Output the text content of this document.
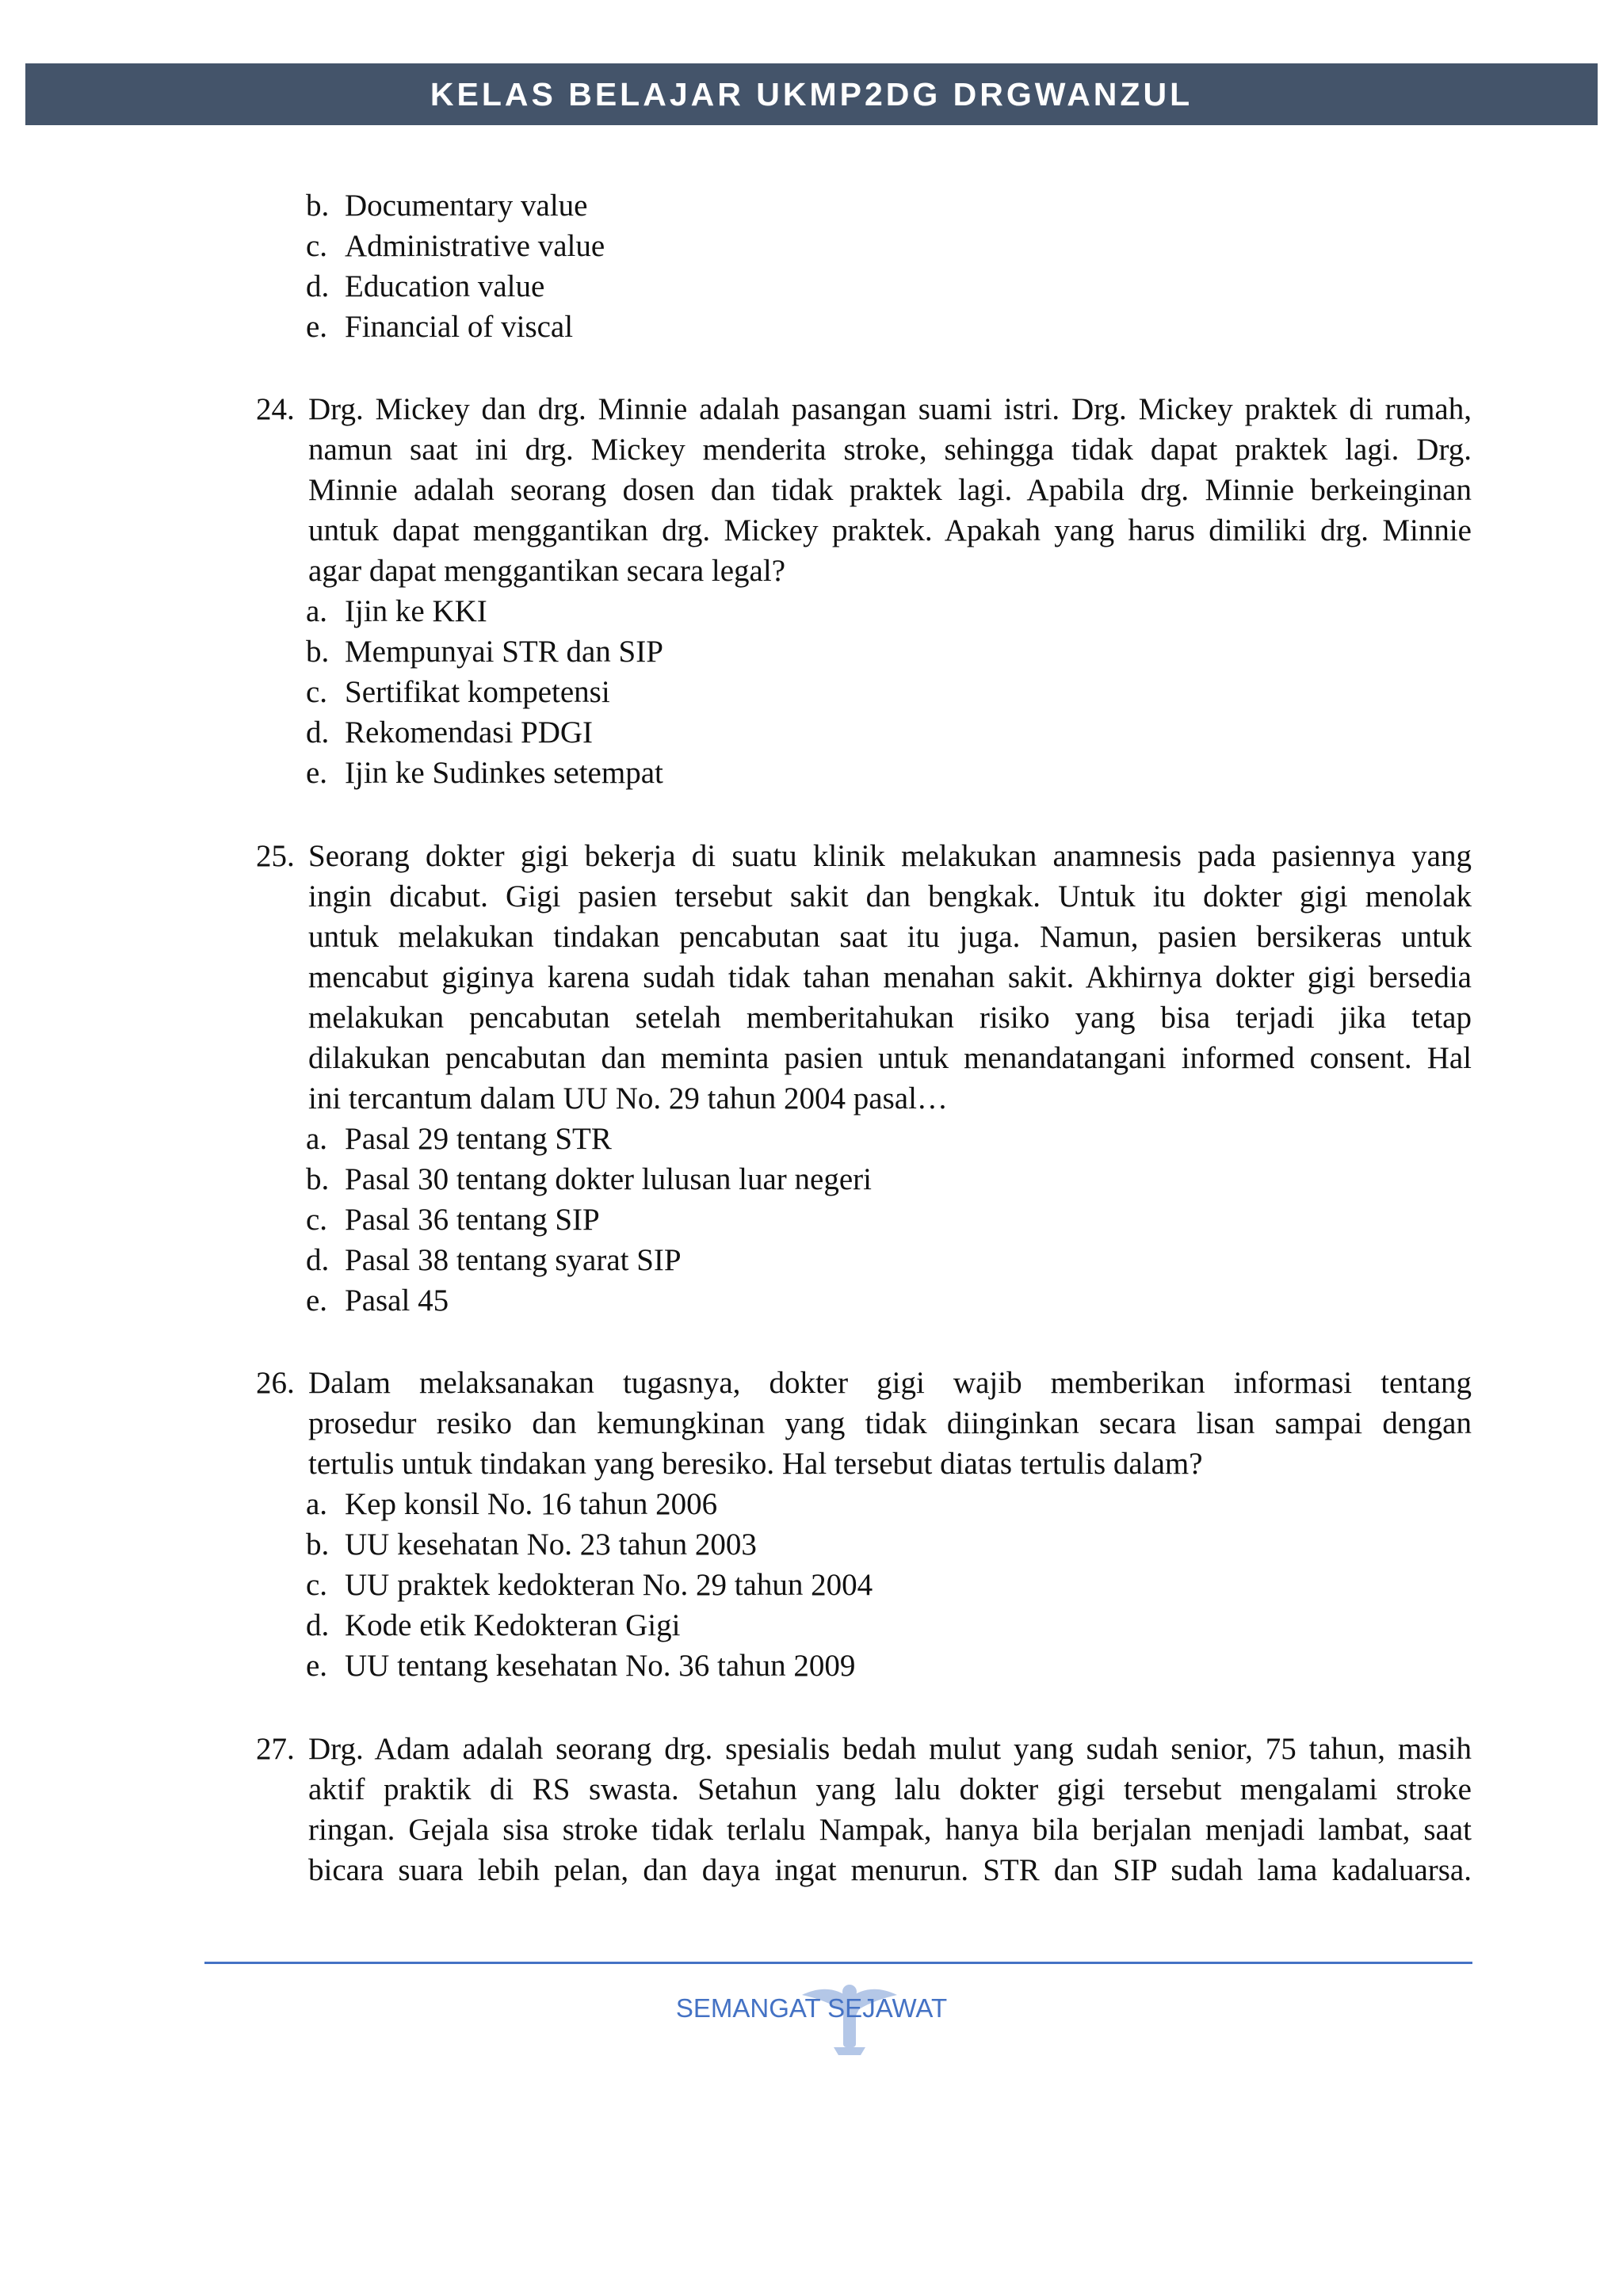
KELAS BELAJAR UKMP2DG DRGWANZUL
b. Documentary value
c. Administrative value
d. Education value
e. Financial of viscal
24. Drg. Mickey dan drg. Minnie adalah pasangan suami istri. Drg. Mickey praktek di rumah,
namun saat ini drg. Mickey menderita stroke, sehingga tidak dapat praktek lagi. Drg.
Minnie adalah seorang dosen dan tidak praktek lagi. Apabila drg. Minnie berkeinginan
untuk dapat menggantikan drg. Mickey praktek. Apakah yang harus dimiliki drg. Minnie
agar dapat menggantikan secara legal?
a. Ijin ke KKI
b. Mempunyai STR dan SIP
c. Sertifikat kompetensi
d. Rekomendasi PDGI
e. Ijin ke Sudinkes setempat
25. Seorang dokter gigi bekerja di suatu klinik melakukan anamnesis pada pasiennya yang
ingin dicabut. Gigi pasien tersebut sakit dan bengkak. Untuk itu dokter gigi menolak
untuk melakukan tindakan pencabutan saat itu juga. Namun, pasien bersikeras untuk
mencabut giginya karena sudah tidak tahan menahan sakit. Akhirnya dokter gigi bersedia
melakukan pencabutan setelah memberitahukan risiko yang bisa terjadi jika tetap
dilakukan pencabutan dan meminta pasien untuk menandatangani informed consent. Hal
ini tercantum dalam UU No. 29 tahun 2004 pasal…
a. Pasal 29 tentang STR
b. Pasal 30 tentang dokter lulusan luar negeri
c. Pasal 36 tentang SIP
d. Pasal 38 tentang syarat SIP
e. Pasal 45
26. Dalam melaksanakan tugasnya, dokter gigi wajib memberikan informasi tentang
prosedur resiko dan kemungkinan yang tidak diinginkan secara lisan sampai dengan
tertulis untuk tindakan yang beresiko. Hal tersebut diatas tertulis dalam?
a. Kep konsil No. 16 tahun 2006
b. UU kesehatan No. 23 tahun 2003
c. UU praktek kedokteran No. 29 tahun 2004
d. Kode etik Kedokteran Gigi
e. UU tentang kesehatan No. 36 tahun 2009
27. Drg. Adam adalah seorang drg. spesialis bedah mulut yang sudah senior, 75 tahun, masih
aktif praktik di RS swasta. Setahun yang lalu dokter gigi tersebut mengalami stroke
ringan. Gejala sisa stroke tidak terlalu Nampak, hanya bila berjalan menjadi lambat, saat
bicara suara lebih pelan, dan daya ingat menurun. STR dan SIP sudah lama kadaluarsa.
SEMANGAT SEJAWAT
